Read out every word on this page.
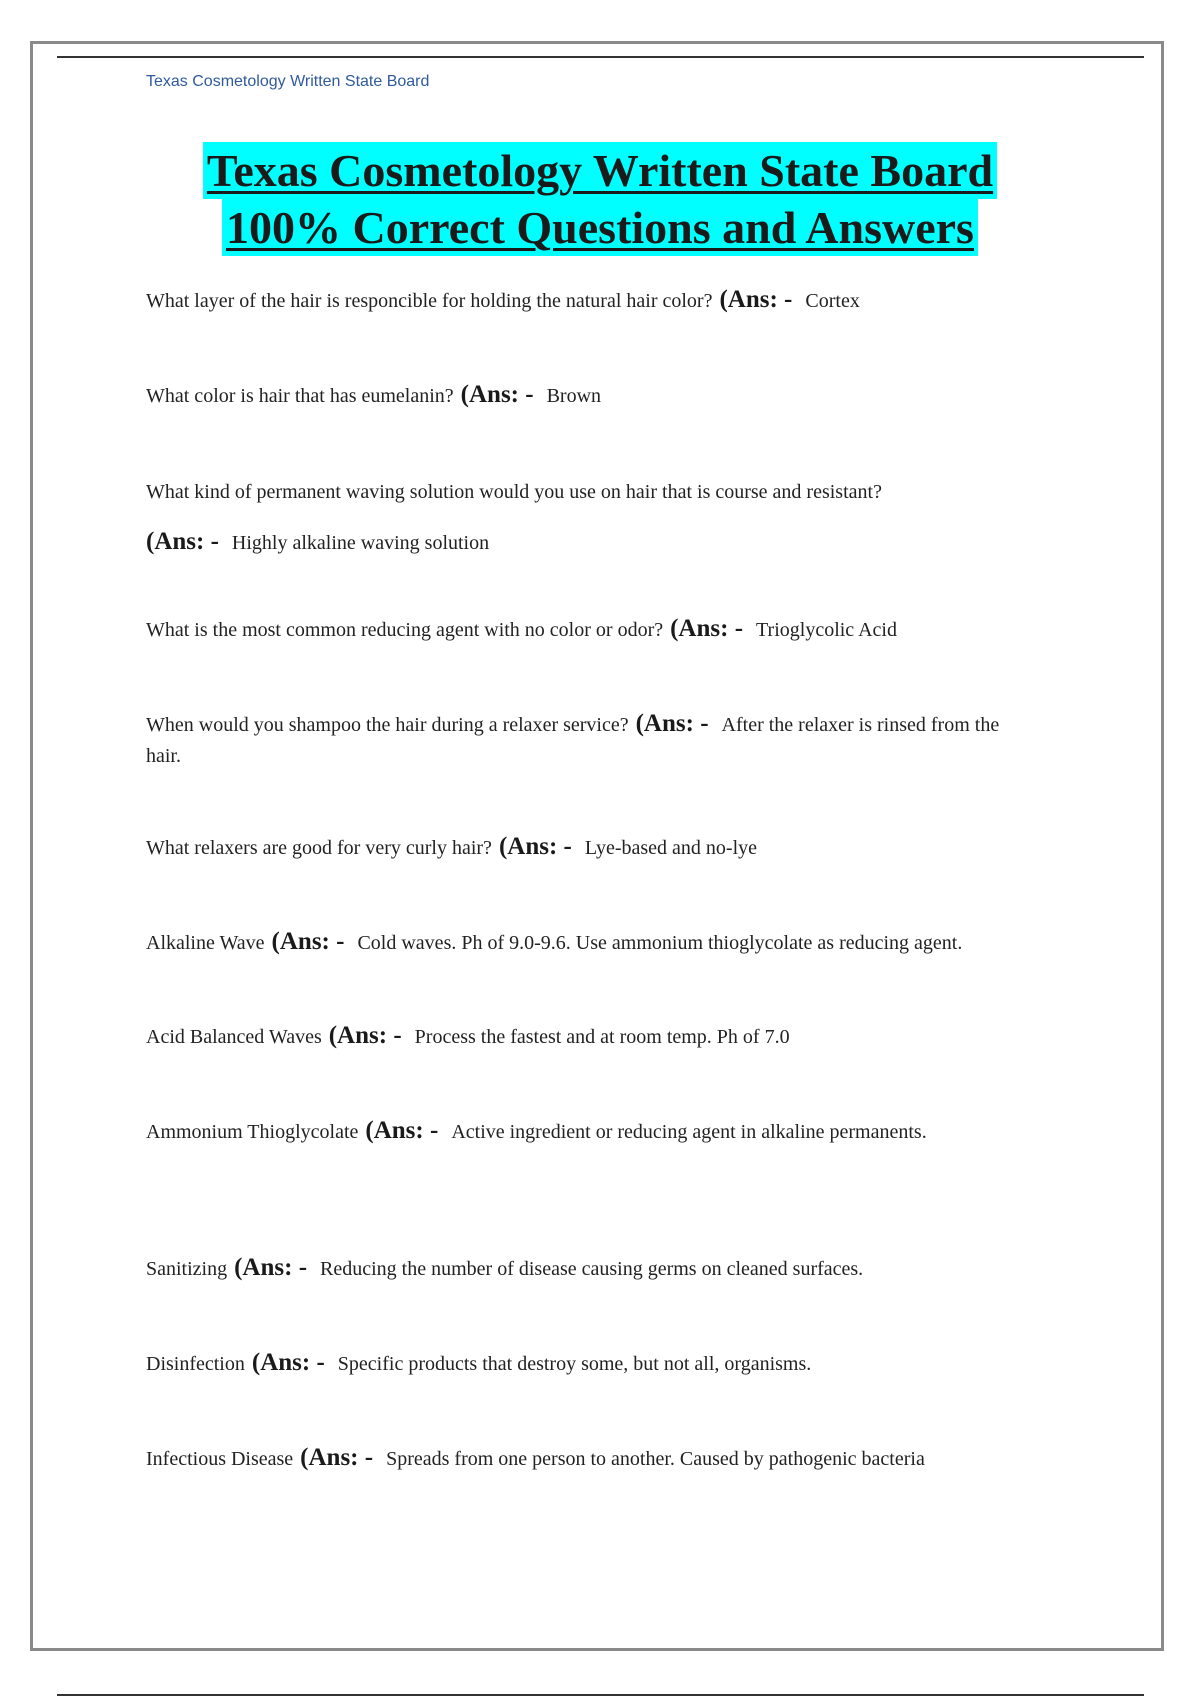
Texas Cosmetology Written State Board
Texas Cosmetology Written State Board
100% Correct Questions and Answers
What layer of the hair is responcible for holding the natural hair color? (Ans: - Cortex
What color is hair that has eumelanin? (Ans: - Brown
What kind of permanent waving solution would you use on hair that is course and resistant?
(Ans: - Highly alkaline waving solution
What is the most common reducing agent with no color or odor? (Ans: - Trioglycolic Acid
When would you shampoo the hair during a relaxer service? (Ans: - After the relaxer is rinsed from the hair.
What relaxers are good for very curly hair? (Ans: - Lye-based and no-lye
Alkaline Wave (Ans: - Cold waves. Ph of 9.0-9.6. Use ammonium thioglycolate as reducing agent.
Acid Balanced Waves (Ans: - Process the fastest and at room temp. Ph of 7.0
Ammonium Thioglycolate (Ans: - Active ingredient or reducing agent in alkaline permanents.
Sanitizing (Ans: - Reducing the number of disease causing germs on cleaned surfaces.
Disinfection (Ans: - Specific products that destroy some, but not all, organisms.
Infectious Disease (Ans: - Spreads from one person to another. Caused by pathogenic bacteria
